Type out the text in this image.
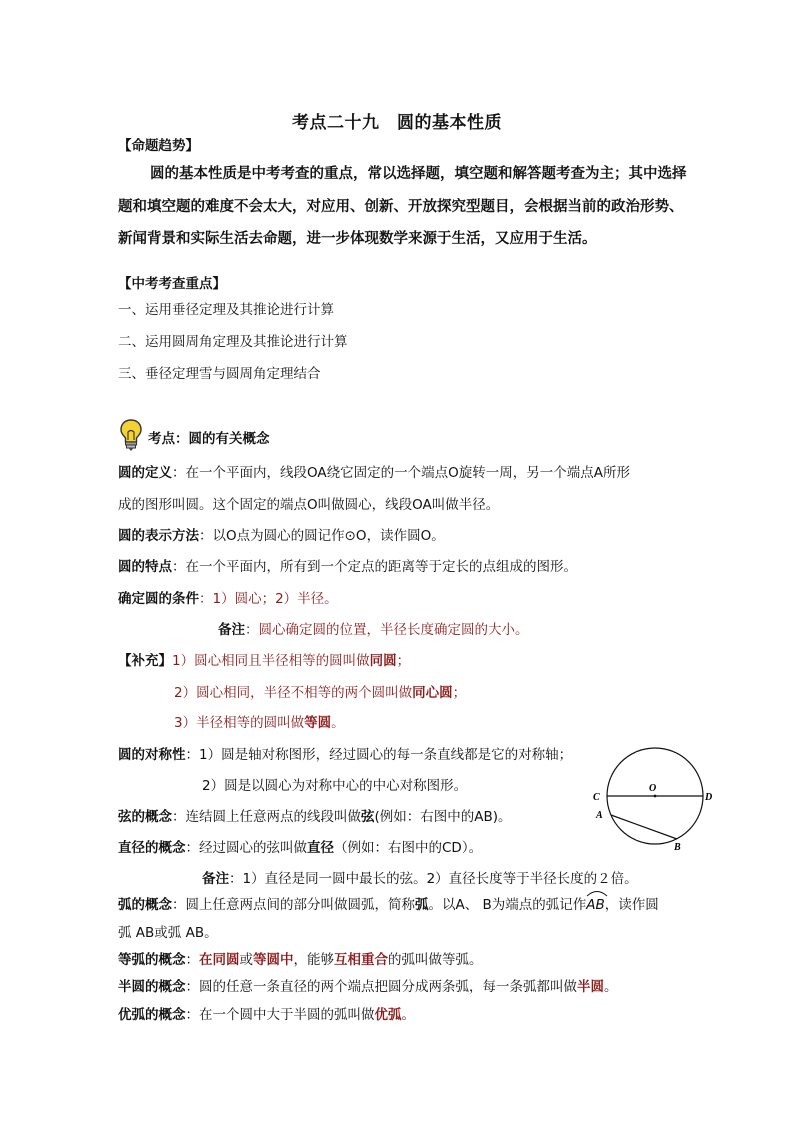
考点二十九　圆的基本性质

【命题趋势】

圆的基本性质是中考考查的重点，常以选择题，填空题和解答题考查为主；其中选择

题和填空题的难度不会太大，对应用、创新、开放探究型题目，会根据当前的政治形势、

新闻背景和实际生活去命题，进一步体现数学来源于生活，又应用于生活。

【中考考查重点】

一、运用垂径定理及其推论进行计算

二、运用圆周角定理及其推论进行计算

三、垂径定理雪与圆周角定理结合

考点：圆的有关概念

圆的定义：在一个平面内，线段OA绕它固定的一个端点O旋转一周，另一个端点A所形

成的图形叫圆。这个固定的端点O叫做圆心，线段OA叫做半径。

圆的表示方法：以O点为圆心的圆记作⊙O，读作圆O。

圆的特点：在一个平面内，所有到一个定点的距离等于定长的点组成的图形。

确定圆的条件：1）圆心；2）半径。

备注：圆心确定圆的位置，半径长度确定圆的大小。

【补充】1）圆心相同且半径相等的圆叫做同圆；

2）圆心相同，半径不相等的两个圆叫做同心圆；

3）半径相等的圆叫做等圆。

圆的对称性：1）圆是轴对称图形，经过圆心的每一条直线都是它的对称轴；

2）圆是以圆心为对称中心的中心对称图形。

弦的概念：连结圆上任意两点的线段叫做弦(例如：右图中的AB)。

直径的概念：经过圆心的弦叫做直径（例如：右图中的CD）。

备注：1）直径是同一圆中最长的弦。2）直径长度等于半径长度的２倍。

弧的概念：圆上任意两点间的部分叫做圆弧，简称弧。以A、 B为端点的弧记作
AB，读作圆

弧 AB或弧 AB。

等弧的概念：在同圆或等圆中，能够互相重合的弧叫做等弧。

半圆的概念：圆的任意一条直径的两个端点把圆分成两条弧，每一条弧都叫做半圆。

优弧的概念：在一个圆中大于半圆的弧叫做优弧。

O
C	D
A
B
